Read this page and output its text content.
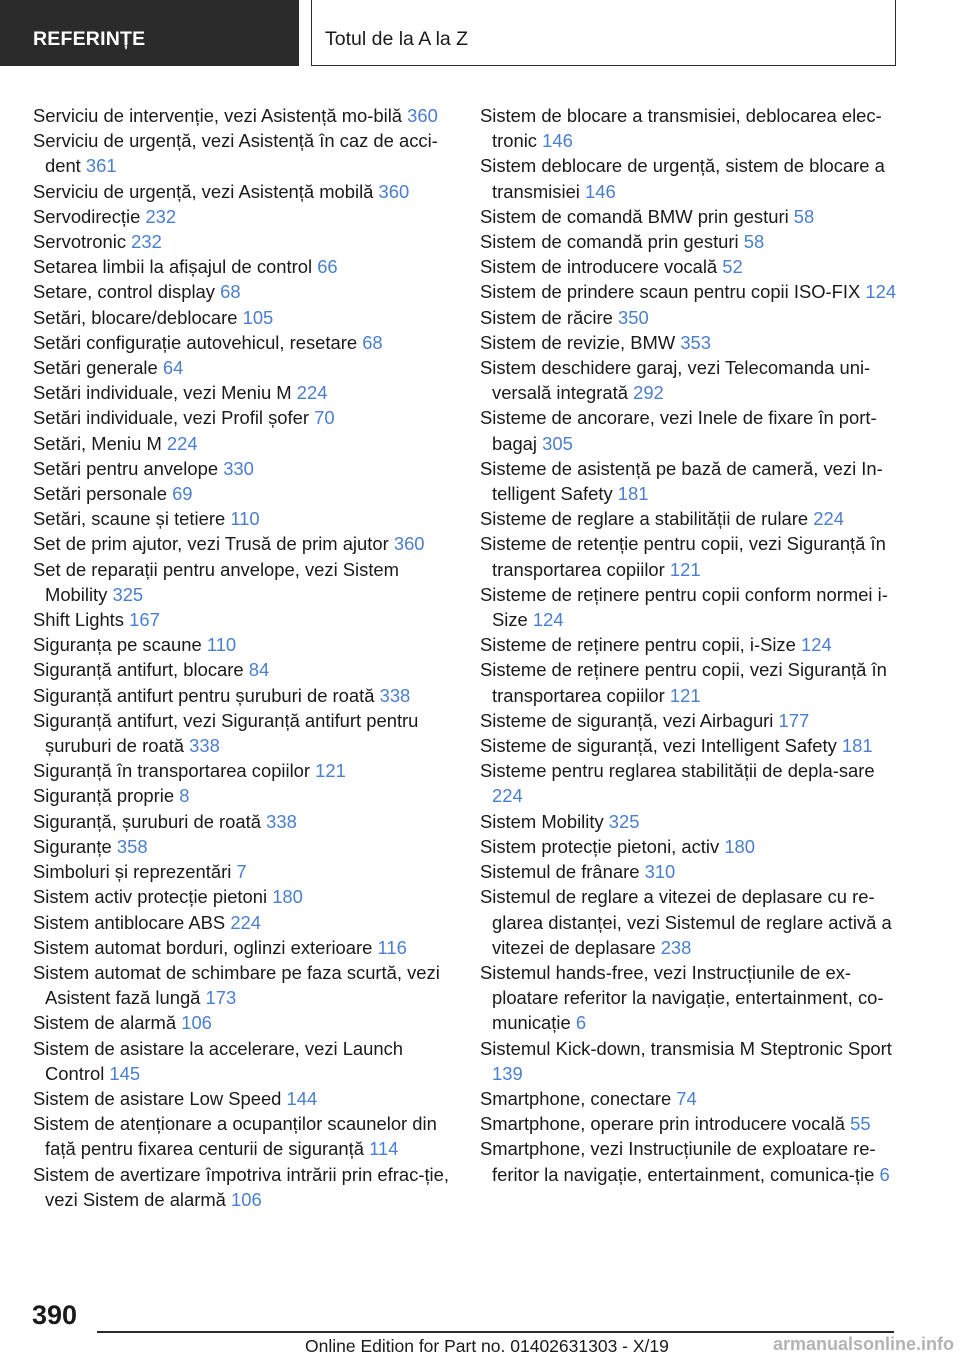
REFERINȚE	Totul de la A la Z
Serviciu de intervenție, vezi Asistență mo-bilă 360
Serviciu de urgență, vezi Asistență în caz de acci-dent 361
Serviciu de urgență, vezi Asistență mobilă 360
Servodirecție 232
Servotronic 232
Setarea limbii la afișajul de control 66
Setare, control display 68
Setări, blocare/deblocare 105
Setări configurație autovehicul, resetare 68
Setări generale 64
Setări individuale, vezi Meniu M 224
Setări individuale, vezi Profil șofer 70
Setări, Meniu M 224
Setări pentru anvelope 330
Setări personale 69
Setări, scaune și tetiere 110
Set de prim ajutor, vezi Trusă de prim ajutor 360
Set de reparații pentru anvelope, vezi Sistem Mobility 325
Shift Lights 167
Siguranța pe scaune 110
Siguranță antifurt, blocare 84
Siguranță antifurt pentru șuruburi de roată 338
Siguranță antifurt, vezi Siguranță antifurt pentru șuruburi de roată 338
Siguranță în transportarea copiilor 121
Siguranță proprie 8
Siguranță, șuruburi de roată 338
Siguranțe 358
Simboluri și reprezentări 7
Sistem activ protecție pietoni 180
Sistem antiblocare ABS 224
Sistem automat borduri, oglinzi exterioare 116
Sistem automat de schimbare pe faza scurtă, vezi Asistent fază lungă 173
Sistem de alarmă 106
Sistem de asistare la accelerare, vezi Launch Control 145
Sistem de asistare Low Speed 144
Sistem de atenționare a ocupanților scaunelor din față pentru fixarea centurii de siguranță 114
Sistem de avertizare împotriva intrării prin efrac-ție, vezi Sistem de alarmă 106
Sistem de blocare a transmisiei, deblocarea elec-tronic 146
Sistem deblocare de urgență, sistem de blocare a transmisiei 146
Sistem de comandă BMW prin gesturi 58
Sistem de comandă prin gesturi 58
Sistem de introducere vocală 52
Sistem de prindere scaun pentru copii ISO-FIX 124
Sistem de răcire 350
Sistem de revizie, BMW 353
Sistem deschidere garaj, vezi Telecomanda uni-versală integrată 292
Sisteme de ancorare, vezi Inele de fixare în port-bagaj 305
Sisteme de asistență pe bază de cameră, vezi In-telligent Safety 181
Sisteme de reglare a stabilității de rulare 224
Sisteme de retenție pentru copii, vezi Siguranță în transportarea copiilor 121
Sisteme de reținere pentru copii conform normei i-Size 124
Sisteme de reținere pentru copii, i-Size 124
Sisteme de reținere pentru copii, vezi Siguranță în transportarea copiilor 121
Sisteme de siguranță, vezi Airbaguri 177
Sisteme de siguranță, vezi Intelligent Safety 181
Sisteme pentru reglarea stabilității de depla-sare 224
Sistem Mobility 325
Sistem protecție pietoni, activ 180
Sistemul de frânare 310
Sistemul de reglare a vitezei de deplasare cu re-glarea distanței, vezi Sistemul de reglare activă a vitezei de deplasare 238
Sistemul hands-free, vezi Instrucțiunile de ex-ploatare referitor la navigație, entertainment, co-municație 6
Sistemul Kick-down, transmisia M Steptronic Sport 139
Smartphone, conectare 74
Smartphone, operare prin introducere vocală 55
Smartphone, vezi Instrucțiunile de exploatare re-feritor la navigație, entertainment, comunica-ție 6
390
Online Edition for Part no. 01402631303 - X/19	armanualsonline.info
